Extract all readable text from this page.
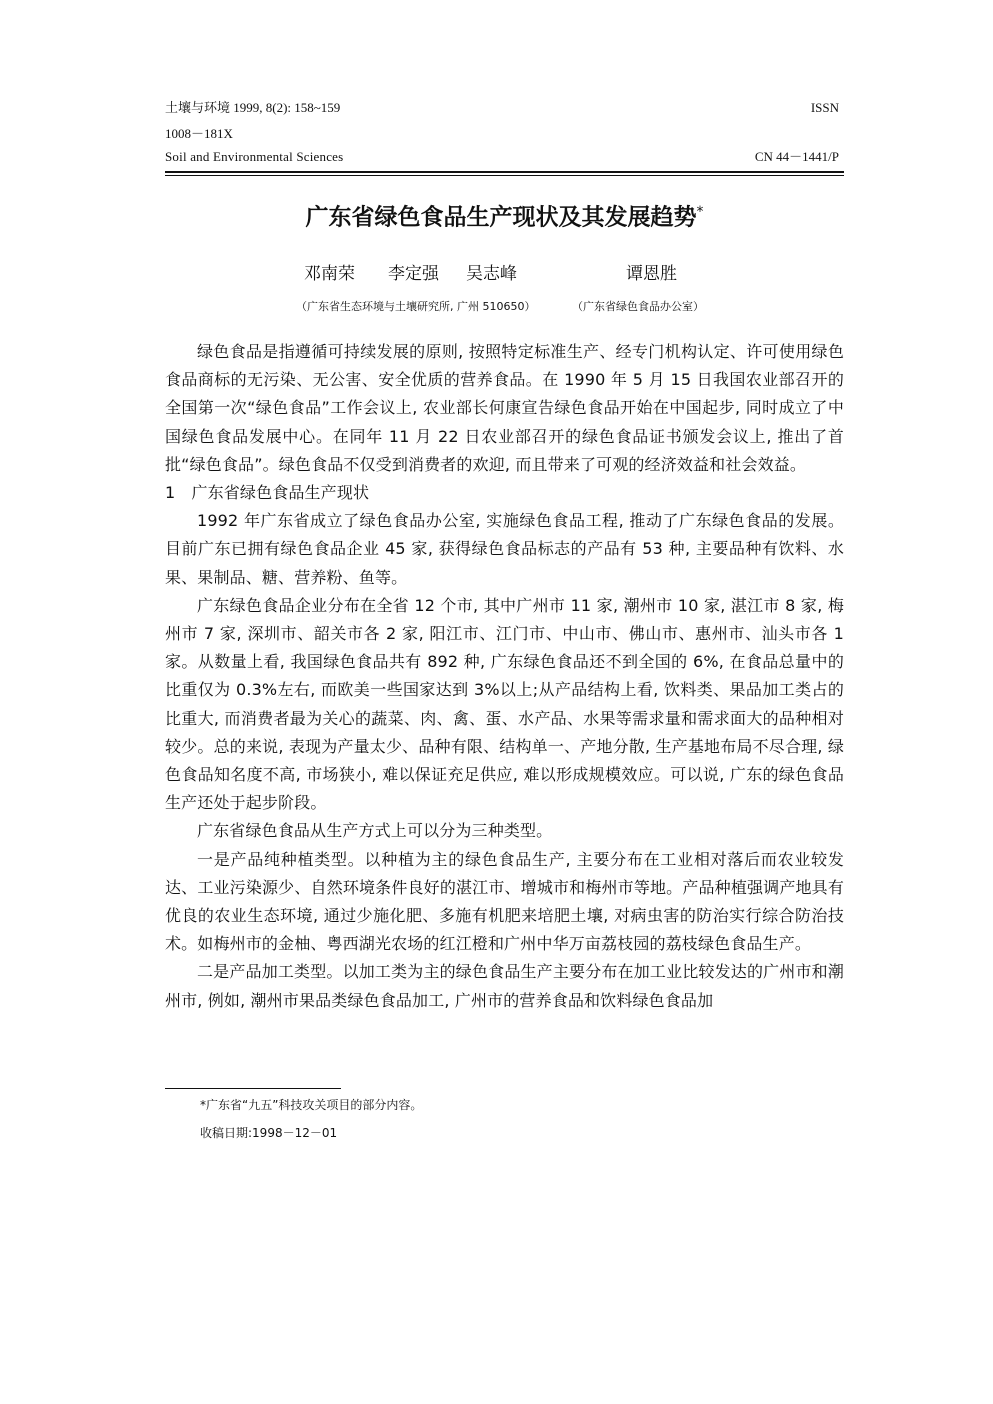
土壤与环境 1999, 8(2): 158~159	ISSN
1008－181X
Soil and Environmental Sciences	CN 44－1441/P
广东省绿色食品生产现状及其发展趋势*
邓南荣 李定强 吴志峰	谭恩胜
（广东省生态环境与土壤研究所, 广州 510650）	（广东省绿色食品办公室）

绿色食品是指遵循可持续发展的原则, 按照特定标准生产、经专门机构认定、许可使用绿色食品商标的无污染、无公害、安全优质的营养食品。在 1990 年 5 月 15 日我国农业部召开的全国第一次“绿色食品”工作会议上, 农业部长何康宣告绿色食品开始在中国起步, 同时成立了中国绿色食品发展中心。在同年 11 月 22 日农业部召开的绿色食品证书颁发会议上, 推出了首批“绿色食品”。绿色食品不仅受到消费者的欢迎, 而且带来了可观的经济效益和社会效益。

1　广东省绿色食品生产现状

1992 年广东省成立了绿色食品办公室, 实施绿色食品工程, 推动了广东绿色食品的发展。目前广东已拥有绿色食品企业 45 家, 获得绿色食品标志的产品有 53 种, 主要品种有饮料、水果、果制品、糖、营养粉、鱼等。

广东绿色食品企业分布在全省 12 个市, 其中广州市 11 家, 潮州市 10 家, 湛江市 8 家, 梅州市 7 家, 深圳市、韶关市各 2 家, 阳江市、江门市、中山市、佛山市、惠州市、汕头市各 1 家。从数量上看, 我国绿色食品共有 892 种, 广东绿色食品还不到全国的 6%, 在食品总量中的比重仅为 0.3%左右, 而欧美一些国家达到 3%以上;从产品结构上看, 饮料类、果品加工类占的比重大, 而消费者最为关心的蔬菜、肉、禽、蛋、水产品、水果等需求量和需求面大的品种相对较少。总的来说, 表现为产量太少、品种有限、结构单一、产地分散, 生产基地布局不尽合理, 绿色食品知名度不高, 市场狭小, 难以保证充足供应, 难以形成规模效应。可以说, 广东的绿色食品生产还处于起步阶段。

广东省绿色食品从生产方式上可以分为三种类型。

一是产品纯种植类型。以种植为主的绿色食品生产, 主要分布在工业相对落后而农业较发达、工业污染源少、自然环境条件良好的湛江市、增城市和梅州市等地。产品种植强调产地具有优良的农业生态环境, 通过少施化肥、多施有机肥来培肥土壤, 对病虫害的防治实行综合防治技术。如梅州市的金柚、粤西湖光农场的红江橙和广州中华万亩荔枝园的荔枝绿色食品生产。

二是产品加工类型。以加工类为主的绿色食品生产主要分布在加工业比较发达的广州市和潮州市, 例如, 潮州市果品类绿色食品加工, 广州市的营养食品和饮料绿色食品加

*广东省“九五”科技攻关项目的部分内容。
收稿日期:1998－12－01
